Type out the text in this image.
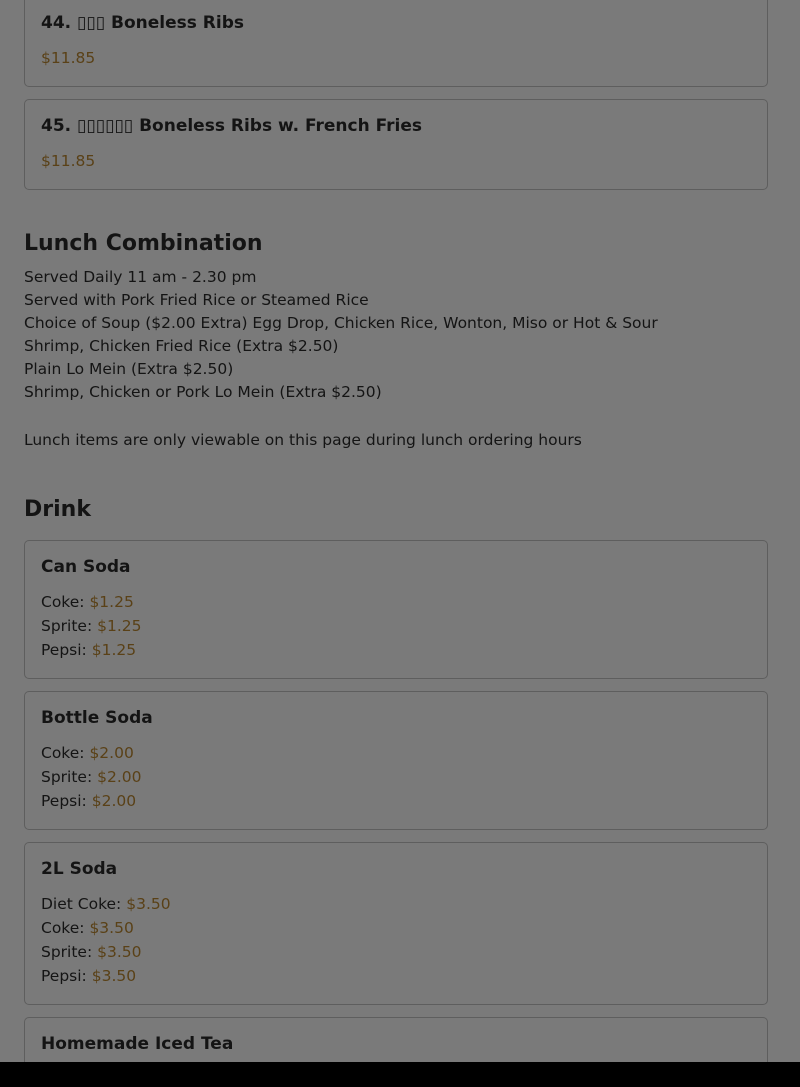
44. ▯▯▯ Boneless Ribs
$11.85
45. ▯▯▯▯▯▯ Boneless Ribs w. French Fries
$11.85
Lunch Combination
Served Daily 11 am - 2.30 pm
Served with Pork Fried Rice or Steamed Rice
Choice of Soup ($2.00 Extra) Egg Drop, Chicken Rice, Wonton, Miso or Hot & Sour
Shrimp, Chicken Fried Rice (Extra $2.50)
Plain Lo Mein (Extra $2.50)
Shrimp, Chicken or Pork Lo Mein (Extra $2.50)
Lunch items are only viewable on this page during lunch ordering hours
Drink
Can Soda
Coke: $1.25
Sprite: $1.25
Pepsi: $1.25
Bottle Soda
Coke: $2.00
Sprite: $2.00
Pepsi: $2.00
2L Soda
Diet Coke: $3.50
Coke: $3.50
Sprite: $3.50
Pepsi: $3.50
Homemade Iced Tea
